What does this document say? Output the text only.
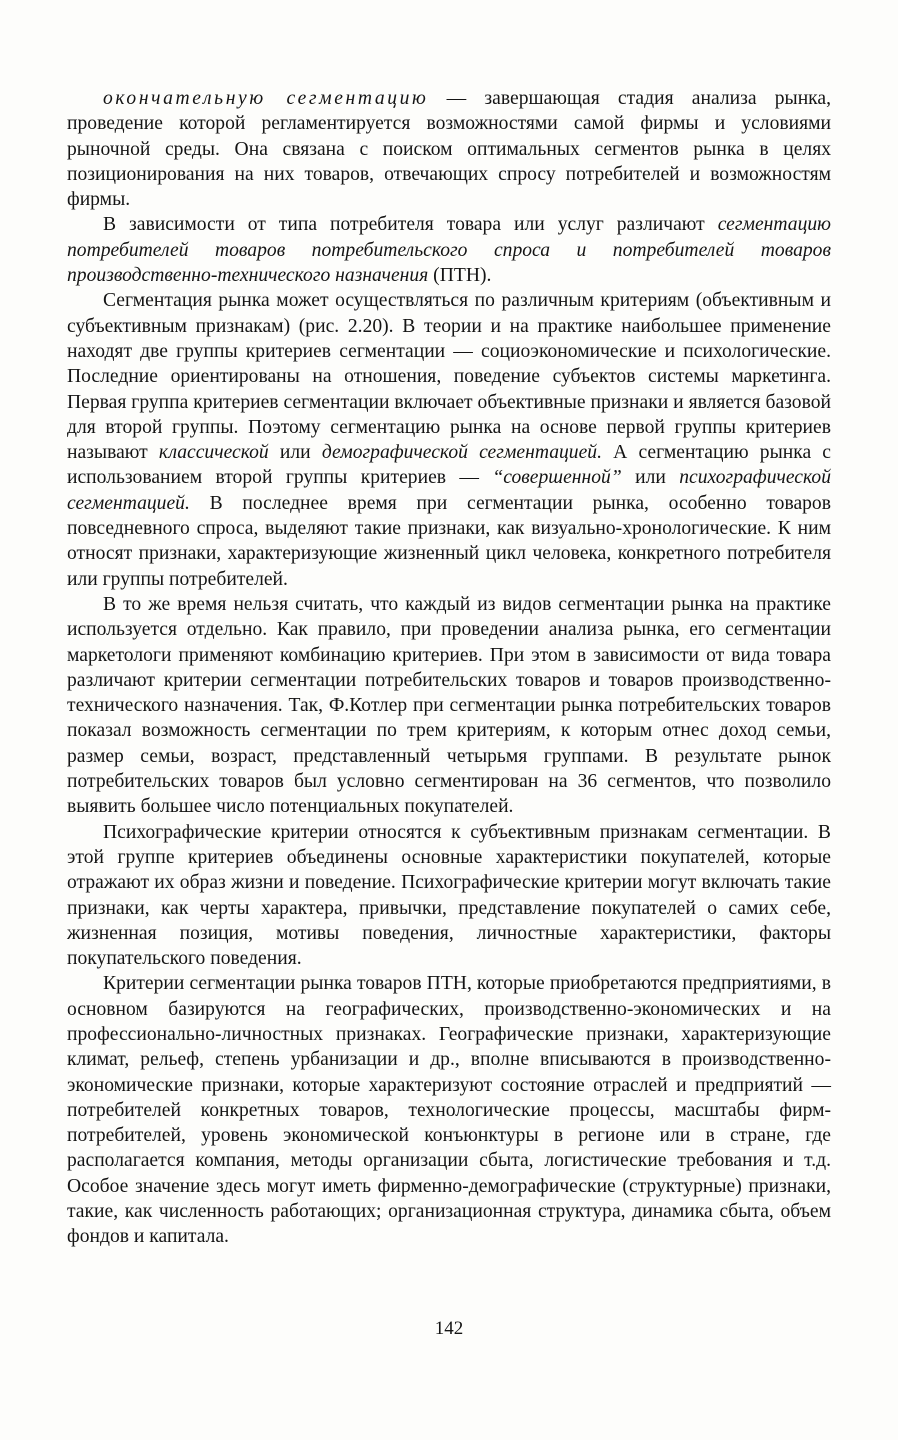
окончательную сегментацию — завершающая стадия анализа рынка, проведение которой регламентируется возможностями самой фирмы и условиями рыночной среды. Она связана с поиском оптимальных сегментов рынка в целях позиционирования на них товаров, отвечающих спросу потребителей и возможностям фирмы.

В зависимости от типа потребителя товара или услуг различают сегментацию потребителей товаров потребительского спроса и потребителей товаров производственно-технического назначения (ПТН).

Сегментация рынка может осуществляться по различным критериям (объективным и субъективным признакам) (рис. 2.20). В теории и на практике наибольшее применение находят две группы критериев сегментации — социоэкономические и психологические. Последние ориентированы на отношения, поведение субъектов системы маркетинга. Первая группа критериев сегментации включает объективные признаки и является базовой для второй группы. Поэтому сегментацию рынка на основе первой группы критериев называют классической или демографической сегментацией. А сегментацию рынка с использованием второй группы критериев — “совершенной” или психографической сегментацией. В последнее время при сегментации рынка, особенно товаров повседневного спроса, выделяют такие признаки, как визуально-хронологические. К ним относят признаки, характеризующие жизненный цикл человека, конкретного потребителя или группы потребителей.

В то же время нельзя считать, что каждый из видов сегментации рынка на практике используется отдельно. Как правило, при проведении анализа рынка, его сегментации маркетологи применяют комбинацию критериев. При этом в зависимости от вида товара различают критерии сегментации потребительских товаров и товаров производственно-технического назначения. Так, Ф.Котлер при сегментации рынка потребительских товаров показал возможность сегментации по трем критериям, к которым отнес доход семьи, размер семьи, возраст, представленный четырьмя группами. В результате рынок потребительских товаров был условно сегментирован на 36 сегментов, что позволило выявить большее число потенциальных покупателей.

Психографические критерии относятся к субъективным признакам сегментации. В этой группе критериев объединены основные характеристики покупателей, которые отражают их образ жизни и поведение. Психографические критерии могут включать такие признаки, как черты характера, привычки, представление покупателей о самих себе, жизненная позиция, мотивы поведения, личностные характеристики, факторы покупательского поведения.

Критерии сегментации рынка товаров ПТН, которые приобретаются предприятиями, в основном базируются на географических, производственно-экономических и на профессионально-личностных признаках. Географические признаки, характеризующие климат, рельеф, степень урбанизации и др., вполне вписываются в производственно-экономические признаки, которые характеризуют состояние отраслей и предприятий — потребителей конкретных товаров, технологические процессы, масштабы фирм-потребителей, уровень экономической конъюнктуры в регионе или в стране, где располагается компания, методы организации сбыта, логистические требования и т.д. Особое значение здесь могут иметь фирменно-демографические (структурные) признаки, такие, как численность работающих; организационная структура, динамика сбыта, объем фондов и капитала.

142
